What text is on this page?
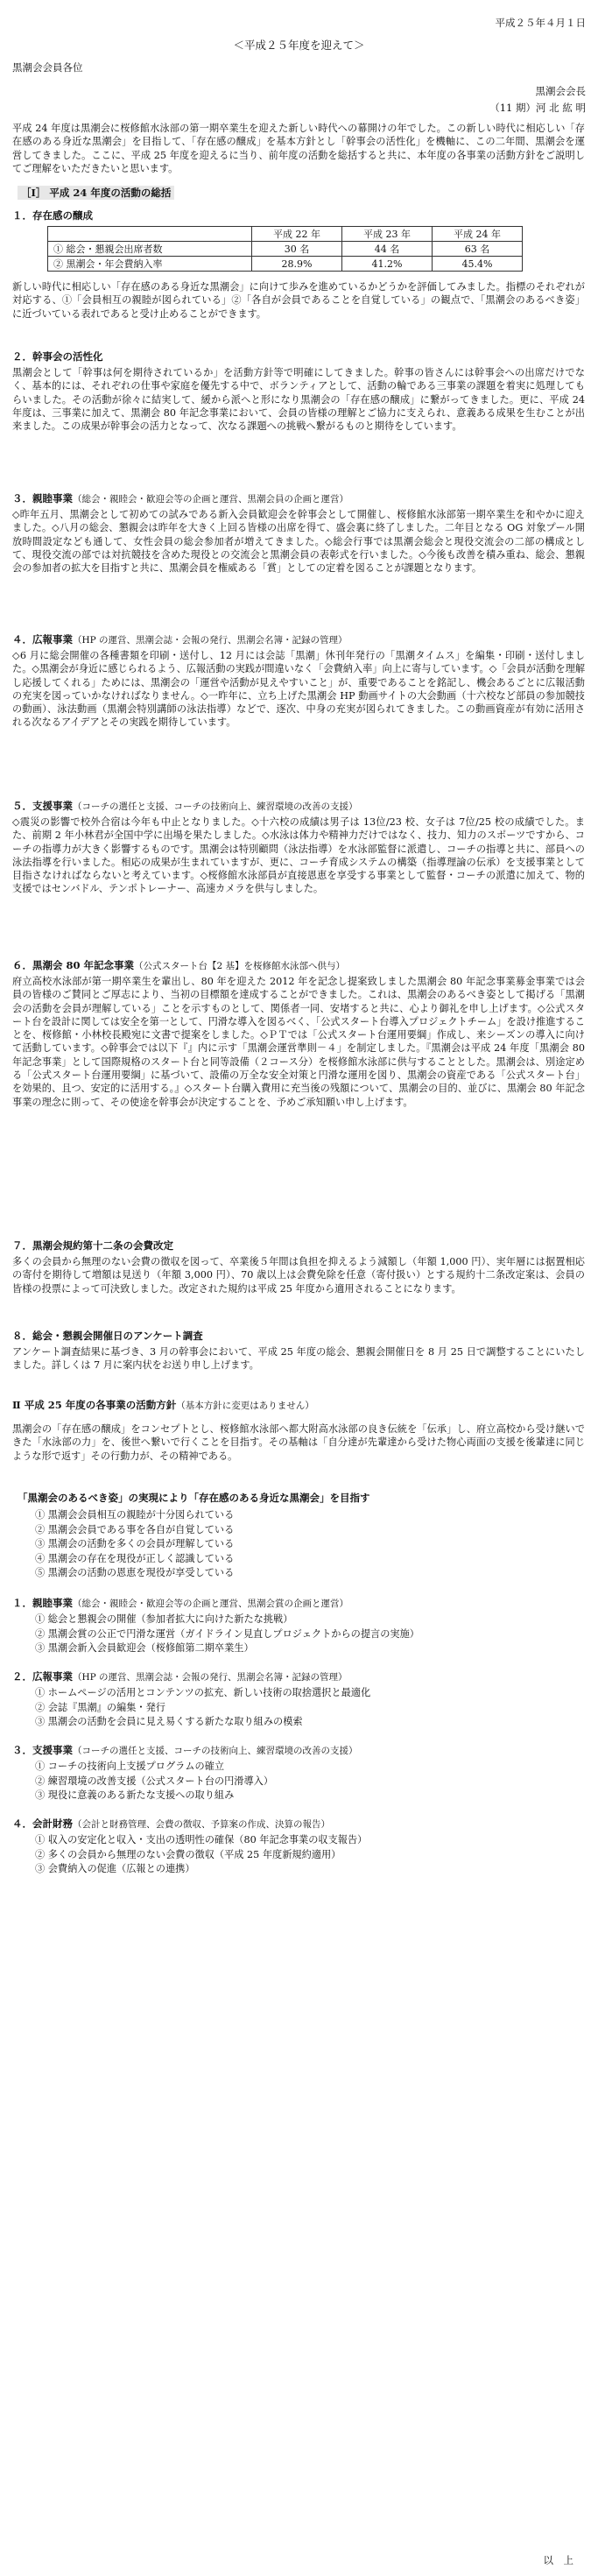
平成２５年４月１日
＜平成２５年度を迎えて＞
黒潮会会員各位
黒潮会会長
（11 期）河 北 紘 明

平成 24 年度は黒潮会に桜修館水泳部の第一期卒業生を迎えた新しい時代への幕開けの年でした。この新しい時代に相応しい「存在感のある身近な黒潮会」を目指して、「存在感の醸成」を基本方針とし「幹事会の活性化」を機軸に、この二年間、黒潮会を運営してきました。ここに、平成 25 年度を迎えるに当り、前年度の活動を総括すると共に、本年度の各事業の活動方針をご説明してご理解をいただきたいと思います。

［Ⅰ］ 平成 24 年度の活動の総括

１．存在感の醸成

	平成 22 年	平成 23 年	平成 24 年
① 総会・懇親会出席者数	30 名	44 名	63 名
② 黒潮会・年会費納入率	28.9%	41.2%	45.4%

新しい時代に相応しい「存在感のある身近な黒潮会」に向けて歩みを進めているかどうかを評価してみました。指標のそれぞれが対応する、①「会員相互の親睦が図られている」②「各自が会員であることを自覚している」の観点で、「黒潮会のあるべき姿」に近づいている表れであると受け止めることができます。

２．幹事会の活性化

黒潮会として「幹事は何を期待されているか」を活動方針等で明確にしてきました。幹事の皆さんには幹事会への出席だけでなく、基本的には、それぞれの仕事や家庭を優先する中で、ボランティアとして、活動の輪である三事業の課題を着実に処理してもらいました。その活動が徐々に結実して、緩から派へと形になり黒潮会の「存在感の醸成」に繋がってきました。更に、平成 24 年度は、三事業に加えて、黒潮会 80 年記念事業において、会員の皆様の理解とご協力に支えられ、意義ある成果を生むことが出来ました。この成果が幹事会の活力となって、次なる課題への挑戦へ繋がるものと期待をしています。

３．親睦事業（総会・親睦会・歓迎会等の企画と運営、黒潮会員の企画と運営）

◇昨年五月、黒潮会として初めての試みである新入会員歓迎会を幹事会として開催し、桜修館水泳部第一期卒業生を和やかに迎えました。◇八月の総会、懇親会は昨年を大きく上回る皆様の出席を得て、盛会裏に終了しました。二年目となる OG 対象プール開放時間設定なども通して、女性会員の総会参加者が増えてきました。◇総会行事では黒潮会総会と現役交流会の二部の構成として、現役交流の部では対抗競技を含めた現役との交流会と黒潮会員の表彰式を行いました。◇今後も改善を積み重ね、総会、懇親会の参加者の拡大を目指すと共に、黒潮会員を権威ある「賞」としての定着を図ることが課題となります。

４．広報事業（HP の運営、黒潮会誌・会報の発行、黒潮会名簿・記録の管理）

◇6 月に総会開催の各種書類を印刷・送付し、12 月には会誌「黒潮」休刊年発行の「黒潮タイムス」を編集・印刷・送付しました。◇黒潮会が身近に感じられるよう、広報活動の実践が間違いなく「会費納入率」向上に寄与しています。◇「会員が活動を理解し応援してくれる」ためには、黒潮会の「運営や活動が見えやすいこと」が、重要であることを銘記し、機会あるごとに広報活動の充実を図っていかなければなりません。◇一昨年に、立ち上げた黒潮会 HP 動画サイトの大会動画（十六校など部員の参加競技の動画）、泳法動画（黒潮会特別講師の泳法指導）などで、逐次、中身の充実が図られてきました。この動画資産が有効に活用される次なるアイデアとその実践を期待しています。

５．支援事業（コーチの選任と支援、コーチの技術向上、練習環境の改善の支援）

◇震災の影響で校外合宿は今年も中止となりました。◇十六校の成績は男子は 13位/23 校、女子は 7位/25 校の成績でした。また、前期 2 年小林君が全国中学に出場を果たしました。◇水泳は体力や精神力だけではなく、技力、知力のスポーツですから、コーチの指導力が大きく影響するものです。黒潮会は特別顧問（泳法指導）を水泳部監督に派遣し、コーチの指導と共に、部員への泳法指導を行いました。相応の成果が生まれていますが、更に、コーチ育成システムの構築（指導理論の伝承）を支援事業として目指さなければならないと考えています。◇桜修館水泳部員が直接恩恵を享受する事業として監督・コーチの派遣に加えて、物的支援ではセンバドル、テンポトレーナー、高速カメラを供与しました。

６．黒潮会 80 年記念事業（公式スタート台【2 基】を桜修館水泳部へ供与）

府立高校水泳部が第一期卒業生を輩出し、80 年を迎えた 2012 年を記念し提案致しました黒潮会 80 年記念事業募金事業では会員の皆様のご賛同とご厚志により、当初の目標額を達成することができました。これは、黒潮会のあるべき姿として掲げる「黒潮会の活動を会員が理解している」ことを示すものとして、関係者一同、安堵すると共に、心より御礼を申し上げます。◇公式スタート台を設計に関しては安全を第一として、円滑な導入を図るべく、「公式スタート台導入プロジェクトチーム」を設け推進することを、桜修館・小林校長殿宛に文書で提案をしました。◇ＰＴでは「公式スタート台運用要綱」作成し、来シーズンの導入に向けて活動しています。◇幹事会では以下『』内に示す「黒潮会運営準則－４」を制定しました。『黒潮会は平成 24 年度「黒潮会 80 年記念事業」として国際規格のスタート台と同等設備（２コース分）を桜修館水泳部に供与することとした。黒潮会は、別途定める「公式スタート台運用要綱」に基づいて、設備の万全な安全対策と円滑な運用を図り、黒潮会の資産である「公式スタート台」を効果的、且つ、安定的に活用する。』◇スタート台購入費用に充当後の残額について、黒潮会の目的、並びに、黒潮会 80 年記念事業の理念に則って、その使途を幹事会が決定することを、予めご承知願い申し上げます。

７．黒潮会規約第十二条の会費改定

多くの会員から無理のない会費の徴収を図って、卒業後５年間は負担を抑えるよう減額し（年額 1,000 円）、実年層には据置相応の寄付を期待して増額は見送り（年額 3,000 円）、70 歳以上は会費免除を任意（寄付扱い）とする規約十二条改定案は、会員の皆様の投票によって可決致しました。改定された規約は平成 25 年度から適用されることになります。

８．総会・懇親会開催日のアンケート調査

アンケート調査結果に基づき、3 月の幹事会において、平成 25 年度の総会、懇親会開催日を 8 月 25 日で調整することにいたしました。詳しくは 7 月に案内状をお送り申し上げます。

Ⅱ 平成 25 年度の各事業の活動方針（基本方針に変更はありません）

黒潮会の「存在感の醸成」をコンセプトとし、桜修館水泳部へ都大附高水泳部の良き伝統を「伝承」し、府立高校から受け継いできた「水泳部の力」を、後世へ繋いで行くことを目指す。その基軸は「自分達が先輩達から受けた物心両面の支援を後輩達に同じような形で返す」その行動力が、その精神である。

「黒潮会のあるべき姿」の実現により「存在感のある身近な黒潮会」を目指す

① 黒潮会会員相互の親睦が十分図られている
② 黒潮会会員である事を各自が自覚している
③ 黒潮会の活動を多くの会員が理解している
④ 黒潮会の存在を現役が正しく認識している
⑤ 黒潮会の活動の恩恵を現役が享受している

１．親睦事業（総会・親睦会・歓迎会等の企画と運営、黒潮会賞の企画と運営）

① 総会と懇親会の開催（参加者拡大に向けた新たな挑戦）
② 黒潮会賞の公正で円滑な運営（ガイドライン見直しプロジェクトからの提言の実施）
③ 黒潮会新入会員歓迎会（桜修館第二期卒業生）

２．広報事業（HP の運営、黒潮会誌・会報の発行、黒潮会名簿・記録の管理）

① ホームページの活用とコンテンツの拡充、新しい技術の取捨選択と最適化
② 会誌『黒潮』の編集・発行
③ 黒潮会の活動を会員に見え易くする新たな取り組みの模索

３．支援事業（コーチの選任と支援、コーチの技術向上、練習環境の改善の支援）

① コーチの技術向上支援プログラムの確立
② 練習環境の改善支援（公式スタート台の円滑導入）
③ 現役に意義のある新たな支援への取り組み

４．会計財務（会計と財務管理、会費の徴収、予算案の作成、決算の報告）

① 収入の安定化と収入・支出の透明性の確保（80 年記念事業の収支報告）
② 多くの会員から無理のない会費の徴収（平成 25 年度新規約適用）
③ 会費納入の促進（広報との連携）
以　上
